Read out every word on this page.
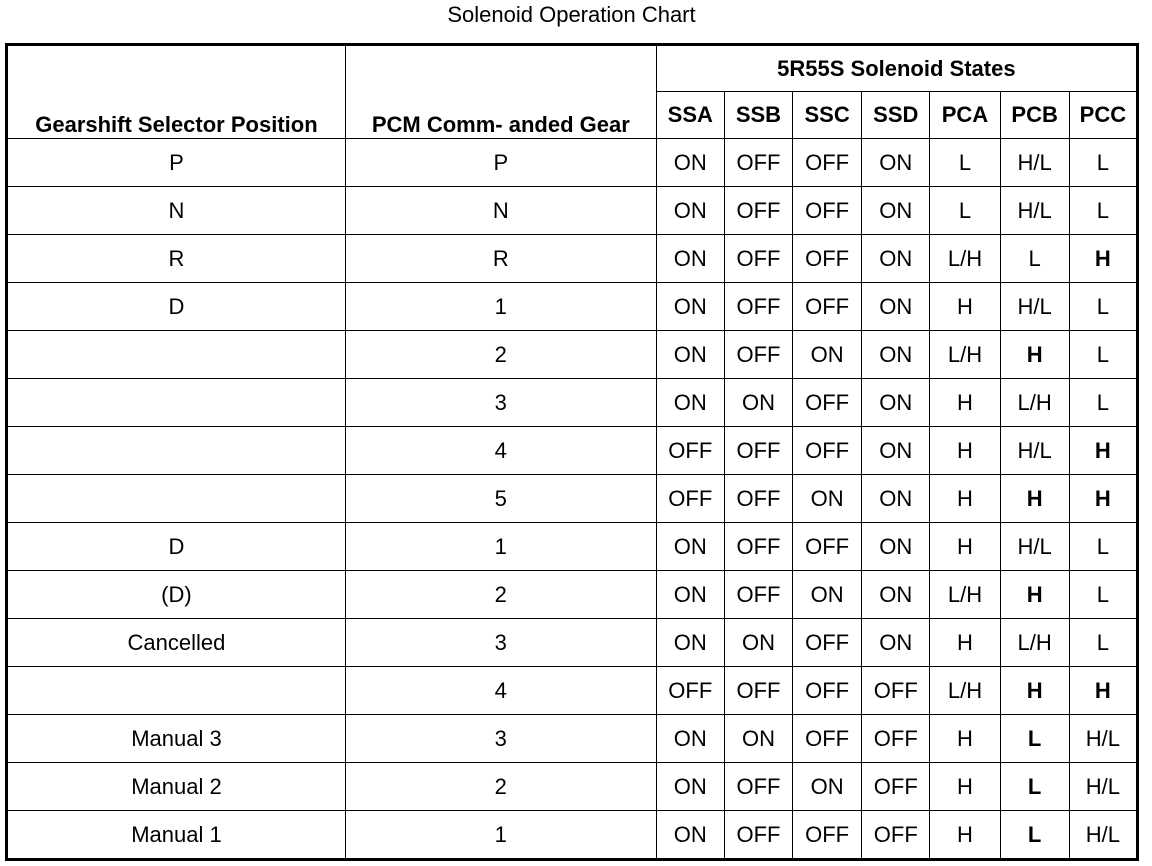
Solenoid Operation Chart
Gearshift Selector Position	PCM Comm- anded Gear	5R55S Solenoid States						
		SSA	SSB	SSC	SSD	PCA	PCB	PCC
P	P	ON	OFF	OFF	ON	L	H/L	L
N	N	ON	OFF	OFF	ON	L	H/L	L
R	R	ON	OFF	OFF	ON	L/H	L	H
D	1	ON	OFF	OFF	ON	H	H/L	L
	2	ON	OFF	ON	ON	L/H	H	L
	3	ON	ON	OFF	ON	H	L/H	L
	4	OFF	OFF	OFF	ON	H	H/L	H
	5	OFF	OFF	ON	ON	H	H	H
D	1	ON	OFF	OFF	ON	H	H/L	L
(D)	2	ON	OFF	ON	ON	L/H	H	L
Cancelled	3	ON	ON	OFF	ON	H	L/H	L
	4	OFF	OFF	OFF	OFF	L/H	H	H
Manual 3	3	ON	ON	OFF	OFF	H	L	H/L
Manual 2	2	ON	OFF	ON	OFF	H	L	H/L
Manual 1	1	ON	OFF	OFF	OFF	H	L	H/L
